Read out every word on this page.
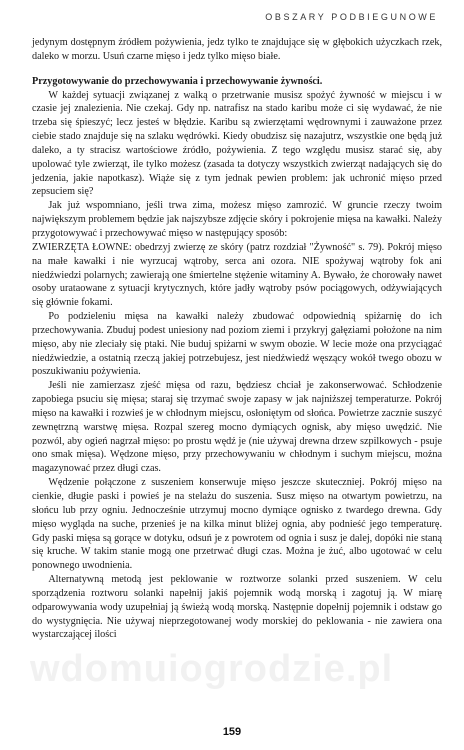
OBSZARY PODBIEGUNOWE

jedynym dostępnym źródłem pożywienia, jedz tylko te znajdujące się w głębokich użyczkach rzek, daleko w morzu. Usuń czarne mięso i jedz tylko mięso białe.

Przygotowywanie do przechowywania i przechowywanie żywności.

W każdej sytuacji związanej z walką o przetrwanie musisz spożyć żywność w miejscu i w czasie jej znalezienia. Nie czekaj. Gdy np. natrafisz na stado karibu może ci się wydawać, że nie trzeba się śpieszyć; lecz jesteś w błędzie. Karibu są zwierzętami wędrownymi i zauważone przez ciebie stado znajduje się na szlaku wędrówki. Kiedy obudzisz się nazajutrz, wszystkie one będą już daleko, a ty stracisz wartościowe źródło, pożywienia. Z tego względu musisz starać się, aby upolować tyle zwierząt, ile tylko możesz (zasada ta dotyczy wszystkich zwierząt nadających się do jedzenia, jakie napotkasz). Wiąże się z tym jednak pewien problem: jak uchronić mięso przed zepsuciem się?

Jak już wspomniano, jeśli trwa zima, możesz mięso zamrozić. W gruncie rzeczy twoim największym problemem będzie jak najszybsze zdjęcie skóry i pokrojenie mięsa na kawałki. Należy przygotowywać i przechowywać mięso w następujący sposób:

ZWIERZĘTA ŁOWNE: obedrzyj zwierzę ze skóry (patrz rozdział "Żywność" s. 79). Pokrój mięso na małe kawałki i nie wyrzucaj wątroby, serca ani ozora. NIE spożywaj wątroby fok ani niedźwiedzi polarnych; zawierają one śmiertelne stężenie witaminy A. Bywało, że chorowały nawet osoby urataowane z sytuacji krytycznych, które jadły wątroby psów pociągowych, odżywiających się głównie fokami.

Po podzieleniu mięsa na kawałki należy zbudować odpowiednią spiżarnię do ich przechowywania. Zbuduj podest uniesiony nad poziom ziemi i przykryj gałęziami położone na nim mięso, aby nie zleciały się ptaki. Nie buduj spiżarni w swym obozie. W lecie może ona przyciągać niedźwiedzie, a ostatnią rzeczą jakiej potrzebujesz, jest niedźwiedź węszący wokół twego obozu w poszukiwaniu pożywienia.

Jeśli nie zamierzasz zjeść mięsa od razu, będziesz chciał je zakonserwować. Schłodzenie zapobiega psuciu się mięsa; staraj się trzymać swoje zapasy w jak najniższej temperaturze. Pokrój mięso na kawałki i rozwieś je w chłodnym miejscu, osłoniętym od słońca. Powietrze zacznie suszyć zewnętrzną warstwę mięsa. Rozpal szereg mocno dymiących ognisk, aby mięso uwędzić. Nie pozwól, aby ogień nagrzał mięso: po prostu wędź je (nie używaj drewna drzew szpilkowych - psuje ono smak mięsa). Wędzone mięso, przy przechowywaniu w chłodnym i suchym miejscu, można magazynować przez długi czas.

Wędzenie połączone z suszeniem konserwuje mięso jeszcze skuteczniej. Pokrój mięso na cienkie, długie paski i powieś je na stelażu do suszenia. Susz mięso na otwartym powietrzu, na słońcu lub przy ogniu. Jednocześnie utrzymuj mocno dymiące ognisko z twardego drewna. Gdy mięso wygląda na suche, przenieś je na kilka minut bliżej ognia, aby podnieść jego temperaturę. Gdy paski mięsa są gorące w dotyku, odsuń je z powrotem od ognia i susz je dalej, dopóki nie staną się kruche. W takim stanie mogą one przetrwać długi czas. Można je żuć, albo ugotować w celu ponownego uwodnienia.

Alternatywną metodą jest peklowanie w roztworze solanki przed suszeniem. W celu sporządzenia roztworu solanki napełnij jakiś pojemnik wodą morską i zagotuj ją. W miarę odparowywania wody uzupełniaj ją świeżą wodą morską. Następnie dopełnij pojemnik i odstaw go do wystygnięcia. Nie używaj nieprzegotowanej wody morskiej do peklowania - nie zawiera ona wystarczającej ilości

wdomuiogrodzie.pl
159
